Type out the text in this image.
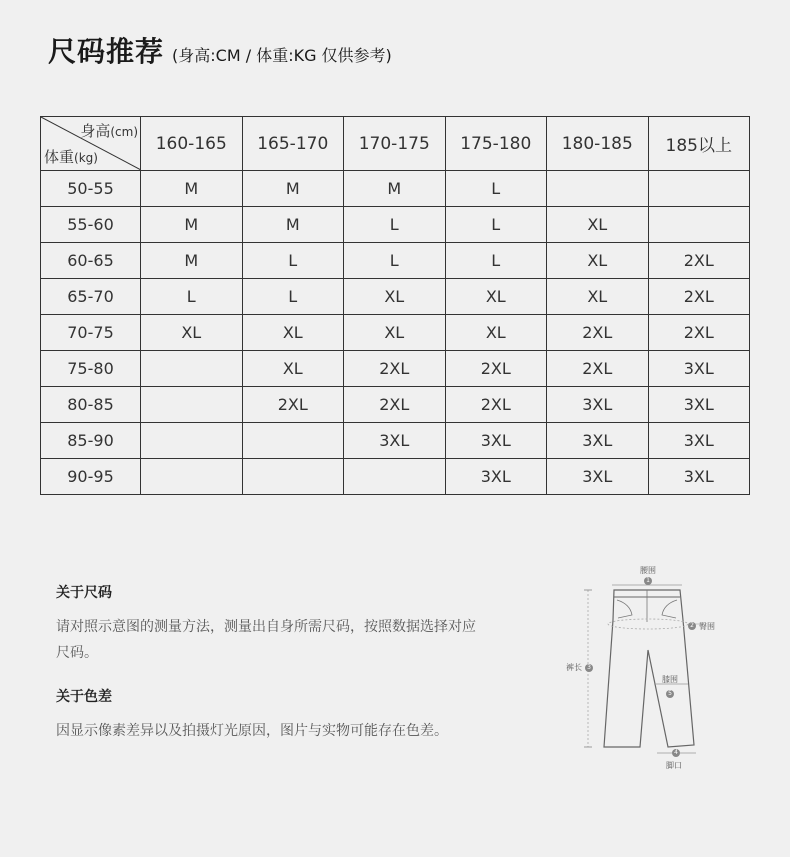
尺码推荐 (身高:CM / 体重:KG 仅供参考)
身高(cm)
体重(kg)	160-165	165-170	170-175	175-180	180-185	185以上
50-55	M	M	M	L		
55-60	M	M	L	L	XL	
60-65	M	L	L	L	XL	2XL
65-70	L	L	XL	XL	XL	2XL
70-75	XL	XL	XL	XL	2XL	2XL
75-80		XL	2XL	2XL	2XL	3XL
80-85		2XL	2XL	2XL	3XL	3XL
85-90			3XL	3XL	3XL	3XL
90-95				3XL	3XL	3XL
关于尺码
请对照示意图的测量方法，测量出自身所需尺码，按照数据选择对应尺码。
关于色差
因显示像素差异以及拍摄灯光原因，图片与实物可能存在色差。
腰围
1
2 臀围
裤长 3
膝围
5
4
脚口
